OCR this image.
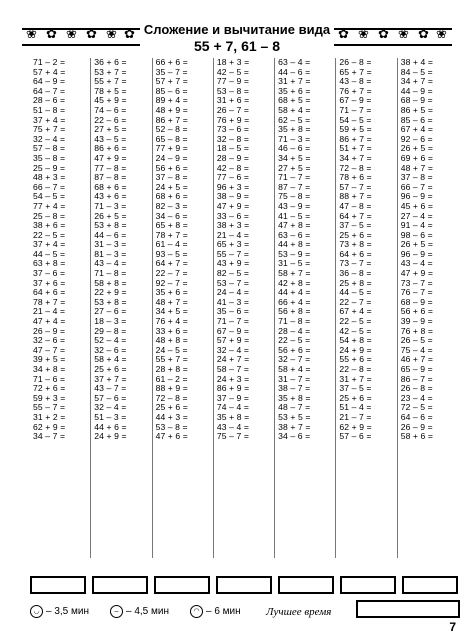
❀ ✿ ❀ ✿ ❀ ✿ Сложение и вычитание вида
55 + 7, 61 – 8
✿ ❀ ✿ ❀ ✿ ❀
71 – 2 =
57 + 4 =
64 – 9 =
64 – 7 =
28 – 6 =
51 – 8 =
37 + 4 =
75 + 7 =
32 – 4 =
57 – 8 =
35 – 8 =
25 – 9 =
48 + 3 =
66 – 7 =
54 – 5 =
77 + 4 =
25 – 8 =
38 + 6 =
22 – 5 =
37 + 4 =
44 – 5 =
63 + 8 =
37 – 6 =
37 + 6 =
64 + 6 =
78 + 7 =
21 – 4 =
47 + 4 =
26 – 9 =
32 – 6 =
47 – 7 =
39 + 5 =
34 + 8 =
71 – 6 =
72 + 6 =
59 + 3 =
55 – 7 =
31 + 2 =
62 + 9 =
34 – 7 =
36 + 6 =
53 + 7 =
55 + 7 =
78 + 5 =
45 + 9 =
74 – 6 =
22 – 6 =
27 + 5 =
43 – 5 =
86 + 6 =
47 + 9 =
77 – 8 =
87 – 8 =
68 + 6 =
43 + 6 =
71 – 3 =
26 + 5 =
53 + 8 =
44 – 6 =
31 – 3 =
81 – 3 =
43 – 4 =
71 – 8 =
58 + 8 =
22 + 9 =
53 + 8 =
27 – 6 =
18 – 3 =
29 – 8 =
52 – 4 =
32 – 6 =
58 + 4 =
25 + 6 =
37 + 7 =
43 – 7 =
57 – 6 =
32 – 4 =
51 – 3 =
44 + 6 =
24 + 9 =
66 + 6 =
35 – 7 =
57 + 7 =
85 – 6 =
89 + 4 =
48 + 9 =
86 + 7 =
52 – 8 =
65 – 8 =
77 + 9 =
24 – 9 =
56 + 6 =
37 – 8 =
24 + 5 =
68 + 6 =
82 – 3 =
34 – 6 =
65 + 8 =
78 + 7 =
61 – 4 =
93 – 5 =
64 + 7 =
22 – 7 =
92 – 7 =
35 + 6 =
48 + 7 =
34 + 5 =
76 + 4 =
33 + 6 =
48 + 8 =
24 – 5 =
55 + 7 =
28 + 8 =
61 – 2 =
88 + 9 =
72 – 8 =
25 + 6 =
44 + 3 =
53 – 8 =
47 + 6 =
18 + 3 =
42 – 5 =
77 – 9 =
53 – 8 =
31 + 6 =
26 – 7 =
76 + 9 =
73 – 6 =
32 – 8 =
18 – 5 =
28 – 9 =
42 – 8 =
77 – 6 =
96 + 3 =
38 – 9 =
47 + 9 =
33 – 6 =
38 + 3 =
21 – 4 =
65 + 3 =
55 – 7 =
43 + 9 =
82 – 5 =
53 – 7 =
24 – 4 =
41 – 3 =
35 – 6 =
71 – 7 =
67 – 9 =
57 + 9 =
32 – 4 =
24 + 7 =
58 – 7 =
24 + 3 =
86 + 9 =
37 – 9 =
74 – 4 =
35 + 8 =
43 – 4 =
75 – 7 =
63 – 4 =
44 – 6 =
31 + 7 =
35 + 6 =
68 + 5 =
58 + 4 =
62 – 5 =
35 + 8 =
71 – 3 =
46 – 6 =
34 + 5 =
27 + 5 =
71 – 7 =
87 – 7 =
75 – 8 =
43 – 9 =
41 – 5 =
47 + 8 =
63 – 6 =
44 + 8 =
53 – 9 =
31 – 5 =
58 + 7 =
42 + 8 =
44 + 4 =
66 + 4 =
56 + 8 =
71 – 8 =
28 – 4 =
22 – 5 =
56 + 6 =
32 – 7 =
58 + 4 =
31 – 7 =
38 – 7 =
35 + 8 =
48 – 7 =
53 + 5 =
38 + 7 =
34 – 6 =
26 – 8 =
65 + 7 =
43 – 8 =
76 + 7 =
67 – 9 =
71 – 7 =
54 – 5 =
59 + 5 =
86 + 7 =
51 + 7 =
34 + 7 =
72 – 8 =
78 + 6 =
57 – 7 =
88 + 7 =
47 – 8 =
64 + 7 =
37 – 5 =
25 + 6 =
73 + 8 =
64 + 6 =
73 – 7 =
36 – 8 =
25 + 8 =
44 – 5 =
22 – 7 =
67 + 4 =
22 – 5 =
42 – 5 =
54 + 8 =
24 + 9 =
55 + 6 =
22 – 8 =
31 + 7 =
37 – 5 =
25 + 6 =
51 – 4 =
21 – 7 =
62 + 9 =
57 – 6 =
38 + 4 =
84 – 5 =
34 + 7 =
44 – 9 =
68 – 9 =
86 + 5 =
85 – 6 =
67 + 4 =
92 – 6 =
26 + 5 =
69 + 6 =
48 + 7 =
37 – 8 =
66 – 7 =
96 – 9 =
45 + 6 =
27 – 4 =
91 – 4 =
98 – 6 =
26 + 5 =
96 – 9 =
43 – 4 =
47 + 9 =
73 – 7 =
76 – 7 =
68 – 9 =
56 + 6 =
39 – 9 =
76 + 8 =
26 – 5 =
75 – 4 =
46 + 7 =
65 – 9 =
86 – 7 =
26 – 8 =
23 – 4 =
72 – 5 =
64 – 6 =
26 – 9 =
58 + 6 =
◡ – 3,5 мин	– – 4,5 мин	◠ – 6 мин Лучшее время
7
